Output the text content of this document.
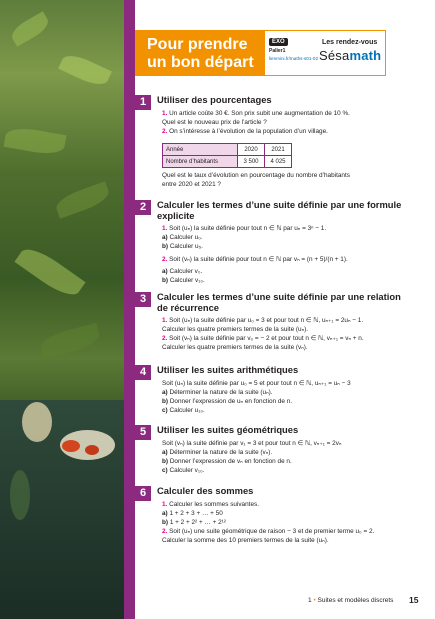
Pour prendre un bon départ
EXO
Palier1
lienmini.fr/maths-s01-02
Les rendez-vous
Sésamath
1	Utiliser des pourcentages
1. Un article coûte 30 €. Son prix subit une augmentation de 10 %.
Quel est le nouveau prix de l’article ?
2. On s’intéresse à l’évolution de la population d’un village.
Année	2020	2021
Nombre d’habitants	3 500	4 025
Quel est le taux d’évolution en pourcentage du nombre d’habitants
entre 2020 et 2021 ?
2	Calculer les termes d’une suite définie par une formule explicite
1. Soit (uₙ) la suite définie pour tout n ∈ ℕ par uₙ = 3ⁿ − 1.
a) Calculer u₀.
b) Calculer u₅.
2. Soit (vₙ) la suite définie pour tout n ∈ ℕ par vₙ = (n + 5)/(n + 1).
a) Calculer v₀.
b) Calculer v₁₀.
3	Calculer les termes d’une suite définie par une relation de récurrence
1. Soit (uₙ) la suite définie par u₀ = 3 et pour tout n ∈ ℕ, uₙ₊₁ = 2uₙ − 1.
Calculer les quatre premiers termes de la suite (uₙ).
2. Soit (vₙ) la suite définie par v₀ = − 2 et pour tout n ∈ ℕ, vₙ₊₁ = vₙ + n.
Calculer les quatre premiers termes de la suite (vₙ).
4	Utiliser les suites arithmétiques
Soit (uₙ) la suite définie par u₀ = 5 et pour tout n ∈ ℕ, uₙ₊₁ = uₙ − 3
a) Déterminer la nature de la suite (uₙ).
b) Donner l’expression de uₙ en fonction de n.
c) Calculer u₁₀.
5	Utiliser les suites géométriques
Soit (vₙ) la suite définie par v₁ = 3 et pour tout n ∈ ℕ, vₙ₊₁ = 2vₙ
a) Déterminer la nature de la suite (vₙ).
b) Donner l’expression de vₙ en fonction de n.
c) Calculer v₁₀.
6	Calculer des sommes
1. Calculer les sommes suivantes.
a) 1 + 2 + 3 + … + 50
b) 1 + 2 + 2² + … + 2¹²
2. Soit (uₙ) une suite géométrique de raison − 3 et de premier terme u₀ = 2.
Calculer la somme des 10 premiers termes de la suite (uₙ).
1 • Suites et modèles discrets 15
